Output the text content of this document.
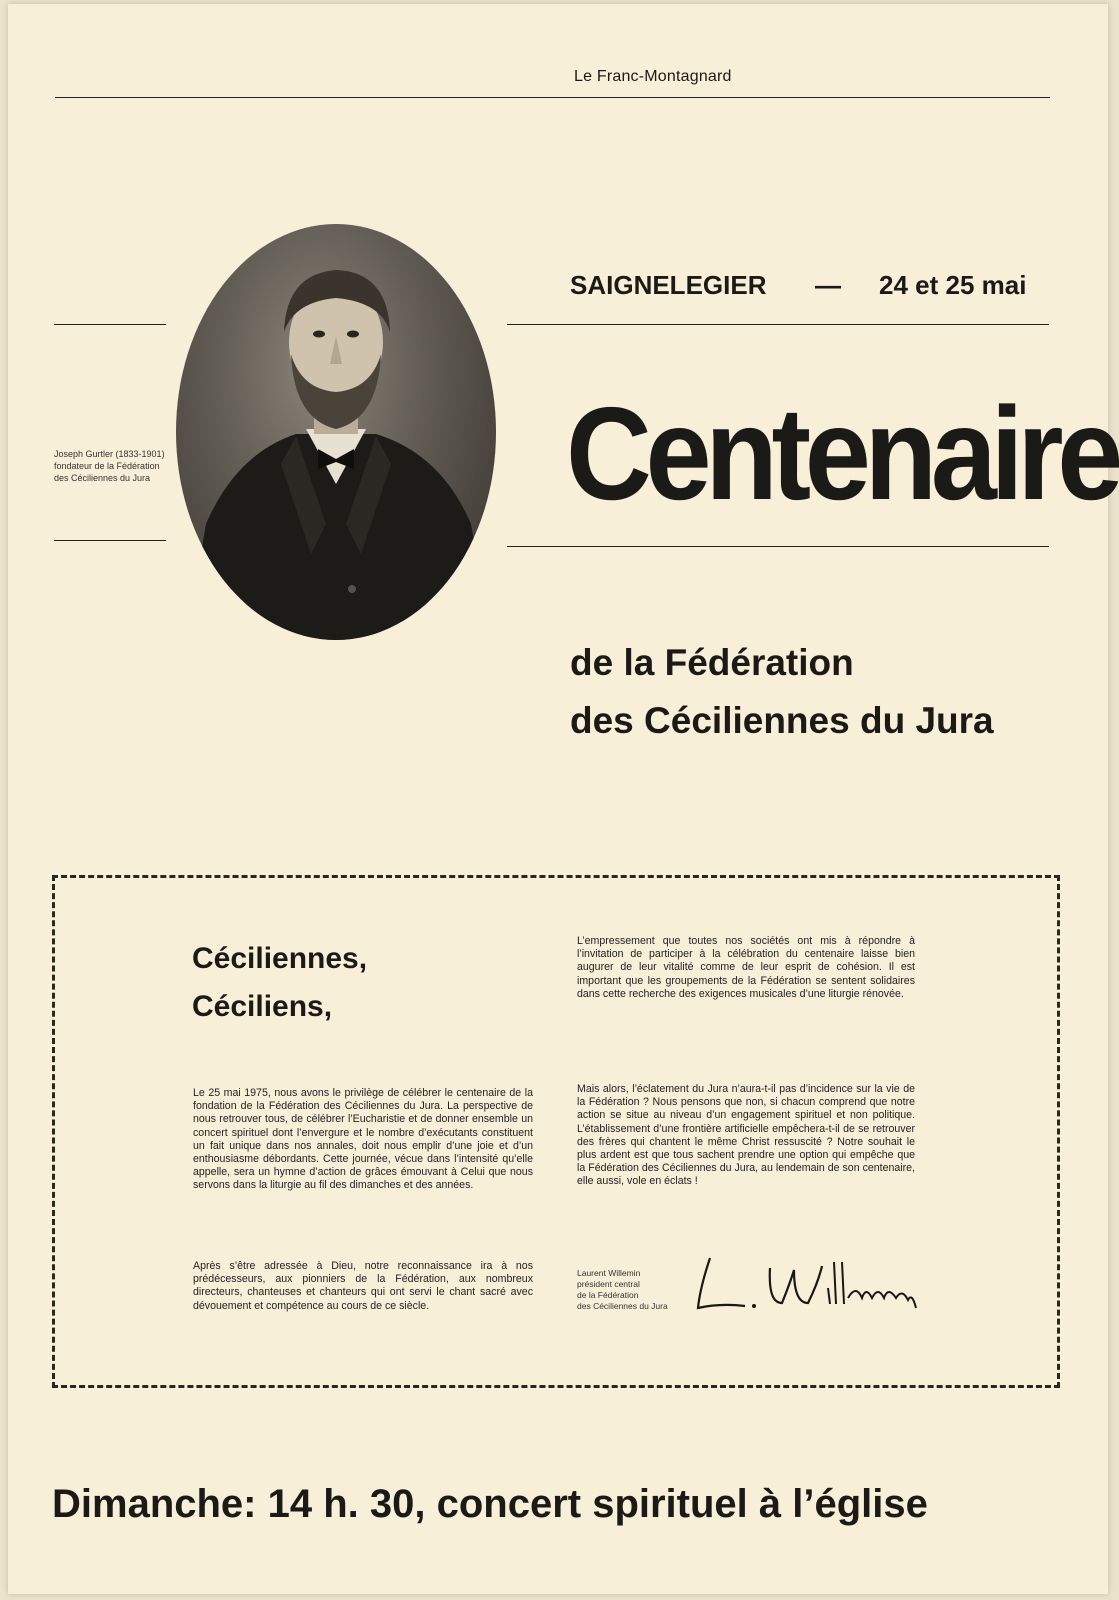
Le Franc-Montagnard
Joseph Gurtler (1833-1901)
fondateur de la Fédération
des Céciliennes du Jura
SAIGNELEGIER — 24 et 25 mai
Centenaire
de la Fédération
des Céciliennes du Jura
Céciliennes,
Céciliens,
Le 25 mai 1975, nous avons le privilège de célébrer le centenaire de la fondation de la Fédération des Céciliennes du Jura. La perspective de nous retrouver tous, de célébrer l’Eucharistie et de donner ensemble un concert spirituel dont l’envergure et le nombre d’exécutants constituent un fait unique dans nos annales, doit nous emplir d’une joie et d’un enthousiasme débordants. Cette journée, vécue dans l’intensité qu’elle appelle, sera un hymne d’action de grâces émouvant à Celui que nous servons dans la liturgie au fil des dimanches et des années.
Après s’être adressée à Dieu, notre reconnaissance ira à nos prédécesseurs, aux pionniers de la Fédération, aux nombreux directeurs, chanteuses et chanteurs qui ont servi le chant sacré avec dévouement et compétence au cours de ce siècle.
L’empressement que toutes nos sociétés ont mis à répondre à l’invitation de participer à la célébration du centenaire laisse bien augurer de leur vitalité comme de leur esprit de cohésion. Il est important que les groupements de la Fédération se sentent solidaires dans cette recherche des exigences musicales d’une liturgie rénovée.
Mais alors, l’éclatement du Jura n’aura-t-il pas d’incidence sur la vie de la Fédération ? Nous pensons que non, si chacun comprend que notre action se situe au niveau d’un engagement spirituel et non politique. L’établissement d’une frontière artificielle empêchera-t-il de se retrouver des frères qui chantent le même Christ ressuscité ? Notre souhait le plus ardent est que tous sachent prendre une option qui empêche que la Fédération des Céciliennes du Jura, au lendemain de son centenaire, elle aussi, vole en éclats !
Laurent Willemin
président central
de la Fédération
des Céciliennes du Jura
Dimanche: 14 h. 30, concert spirituel à l’église
